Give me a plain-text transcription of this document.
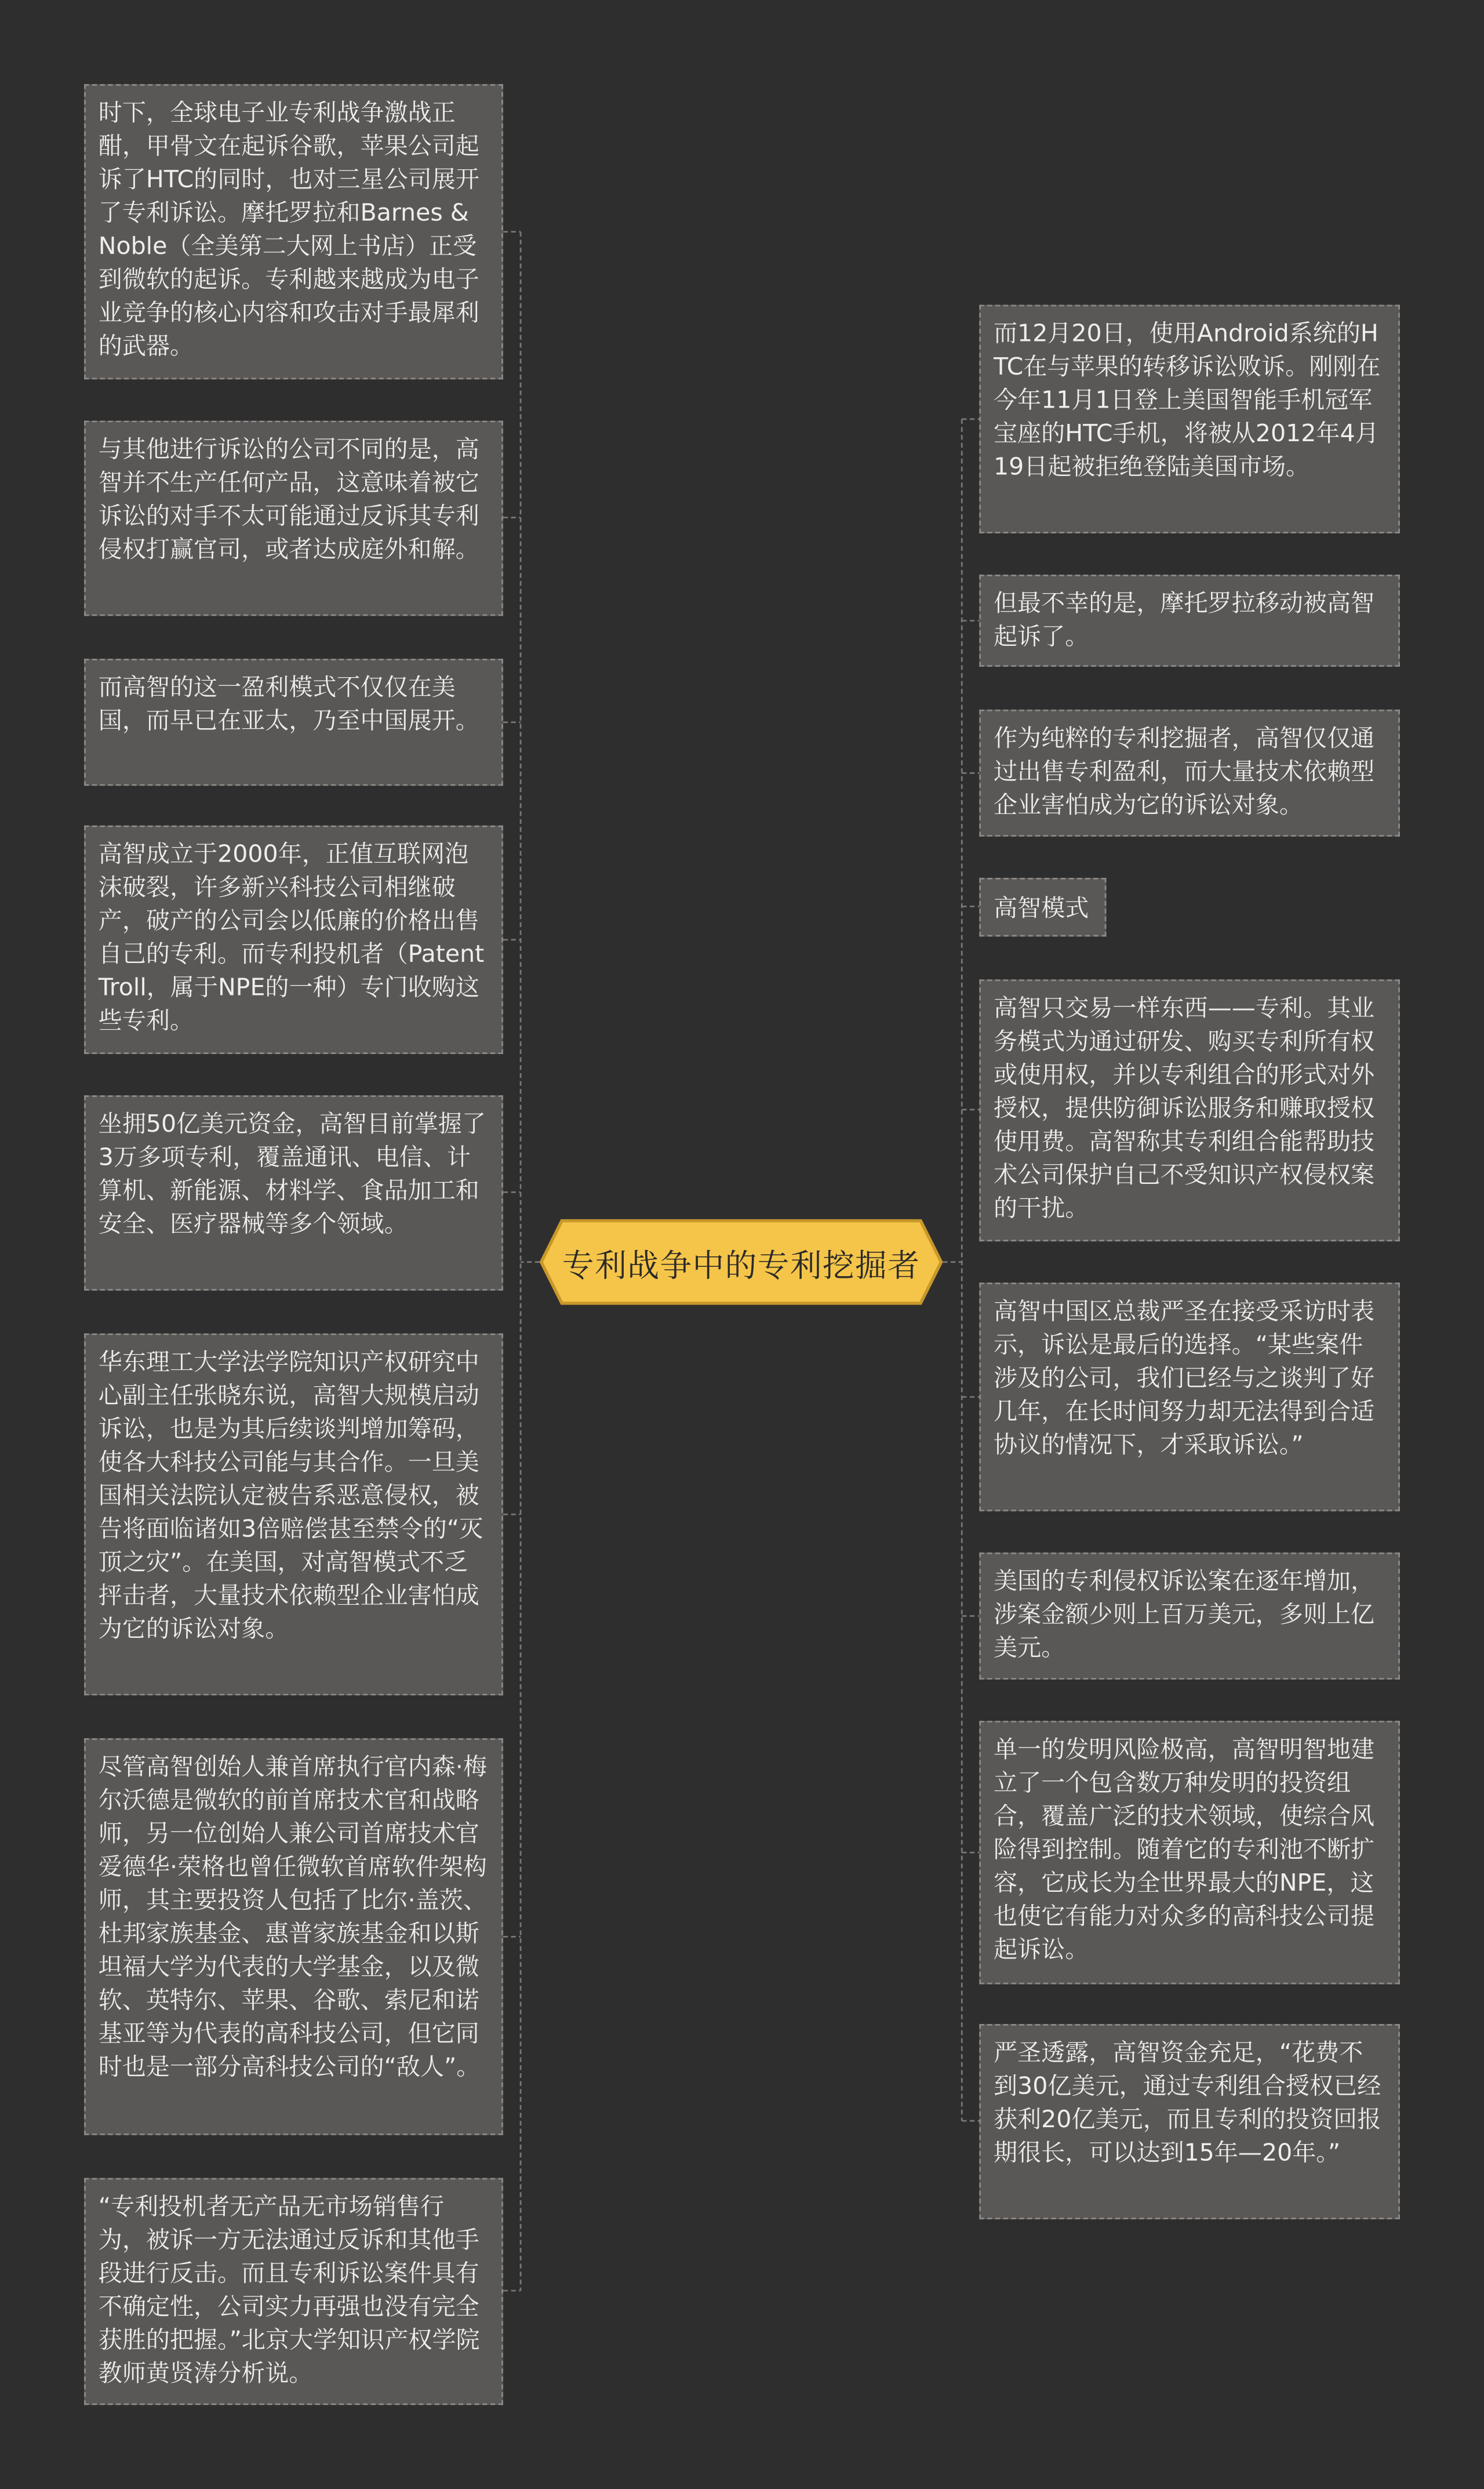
专利战争中的专利挖掘者
时下，全球电子业专利战争激战正酣，甲骨文在起诉谷歌，苹果公司起诉了HTC的同时，也对三星公司展开了专利诉讼。摩托罗拉和Barnes & Noble（全美第二大网上书店）正受到微软的起诉。专利越来越成为电子业竞争的核心内容和攻击对手最犀利的武器。
与其他进行诉讼的公司不同的是，高智并不生产任何产品，这意味着被它诉讼的对手不太可能通过反诉其专利侵权打赢官司，或者达成庭外和解。
而高智的这一盈利模式不仅仅在美国，而早已在亚太，乃至中国展开。
高智成立于2000年，正值互联网泡沫破裂，许多新兴科技公司相继破产，破产的公司会以低廉的价格出售自己的专利。而专利投机者（Patent Troll，属于NPE的一种）专门收购这些专利。
坐拥50亿美元资金，高智目前掌握了3万多项专利，覆盖通讯、电信、计算机、新能源、材料学、食品加工和安全、医疗器械等多个领域。
华东理工大学法学院知识产权研究中心副主任张晓东说，高智大规模启动诉讼，也是为其后续谈判增加筹码，使各大科技公司能与其合作。一旦美国相关法院认定被告系恶意侵权，被告将面临诸如3倍赔偿甚至禁令的“灭顶之灾”。在美国，对高智模式不乏抨击者，大量技术依赖型企业害怕成为它的诉讼对象。
尽管高智创始人兼首席执行官内森·梅尔沃德是微软的前首席技术官和战略师，另一位创始人兼公司首席技术官爱德华·荣格也曾任微软首席软件架构师，其主要投资人包括了比尔·盖茨、杜邦家族基金、惠普家族基金和以斯坦福大学为代表的大学基金，以及微软、英特尔、苹果、谷歌、索尼和诺基亚等为代表的高科技公司，但它同时也是一部分高科技公司的“敌人”。
“专利投机者无产品无市场销售行为，被诉一方无法通过反诉和其他手段进行反击。而且专利诉讼案件具有不确定性，公司实力再强也没有完全获胜的把握。”北京大学知识产权学院教师黄贤涛分析说。
而12月20日，使用Android系统的HTC在与苹果的转移诉讼败诉。刚刚在今年11月1日登上美国智能手机冠军宝座的HTC手机，将被从2012年4月19日起被拒绝登陆美国市场。
但最不幸的是，摩托罗拉移动被高智起诉了。
作为纯粹的专利挖掘者，高智仅仅通过出售专利盈利，而大量技术依赖型企业害怕成为它的诉讼对象。
高智模式
高智只交易一样东西——专利。其业务模式为通过研发、购买专利所有权或使用权，并以专利组合的形式对外授权，提供防御诉讼服务和赚取授权使用费。高智称其专利组合能帮助技术公司保护自己不受知识产权侵权案的干扰。
高智中国区总裁严圣在接受采访时表示，诉讼是最后的选择。“某些案件涉及的公司，我们已经与之谈判了好几年，在长时间努力却无法得到合适协议的情况下，才采取诉讼。”
美国的专利侵权诉讼案在逐年增加，涉案金额少则上百万美元，多则上亿美元。
单一的发明风险极高，高智明智地建立了一个包含数万种发明的投资组合，覆盖广泛的技术领域，使综合风险得到控制。随着它的专利池不断扩容，它成长为全世界最大的NPE，这也使它有能力对众多的高科技公司提起诉讼。
严圣透露，高智资金充足，“花费不到30亿美元，通过专利组合授权已经获利20亿美元，而且专利的投资回报期很长，可以达到15年—20年。”
